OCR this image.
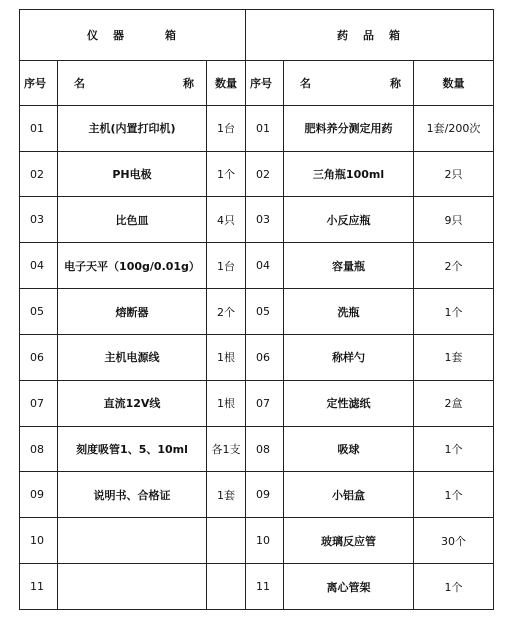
仪　器　　　箱			药　品　箱		
序号	名 称	数量	序号	名 称	数量
01	主机(内置打印机)	1台	01	肥料养分测定用药	1套/200次
02	PH电极	1个	02	三角瓶100ml	2只
03	比色皿	4只	03	小反应瓶	9只
04	电子天平（100g/0.01g）	1台	04	容量瓶	2个
05	熔断器	2个	05	洗瓶	1个
06	主机电源线	1根	06	称样勺	1套
07	直流12V线	1根	07	定性滤纸	2盒
08	刻度吸管1、5、10ml	各1支	08	吸球	1个
09	说明书、合格证	1套	09	小铝盒	1个
10			10	玻璃反应管	30个
11			11	离心管架	1个
